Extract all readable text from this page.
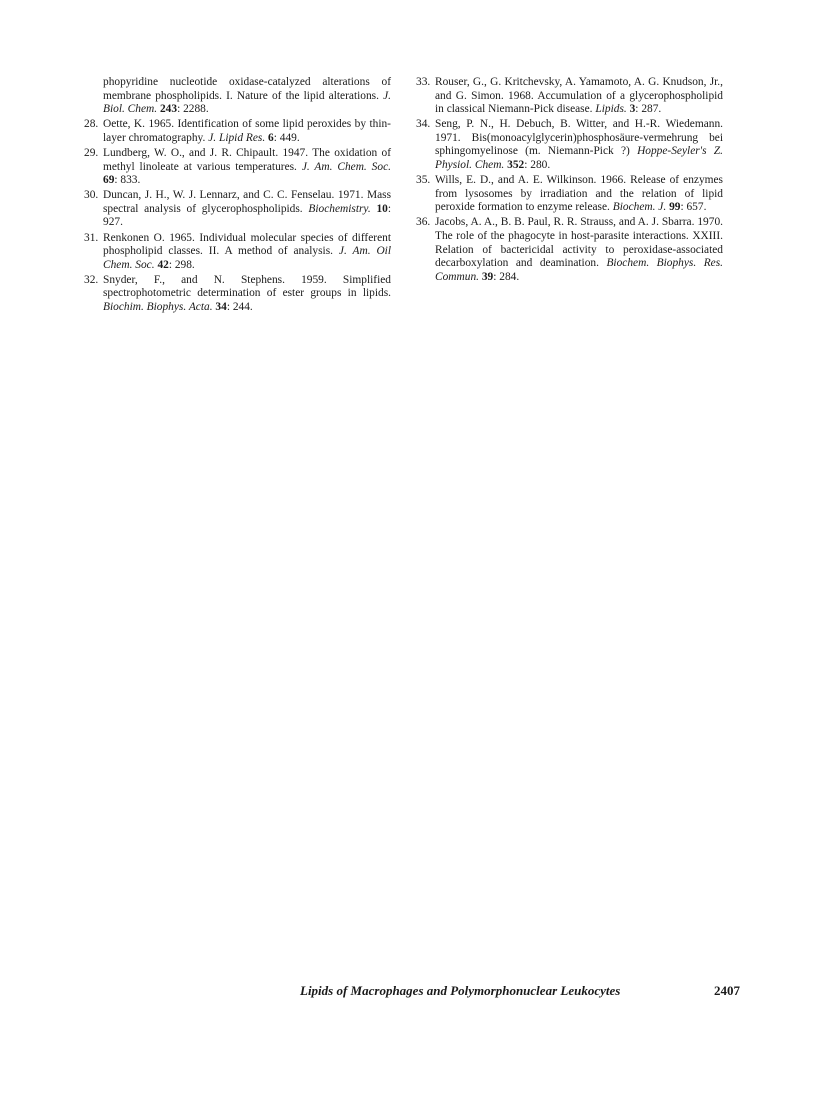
phopyridine nucleotide oxidase-catalyzed alterations of membrane phospholipids. I. Nature of the lipid alterations. J. Biol. Chem. 243: 2288.
28. Oette, K. 1965. Identification of some lipid peroxides by thin-layer chromatography. J. Lipid Res. 6: 449.
29. Lundberg, W. O., and J. R. Chipault. 1947. The oxidation of methyl linoleate at various temperatures. J. Am. Chem. Soc. 69: 833.
30. Duncan, J. H., W. J. Lennarz, and C. C. Fenselau. 1971. Mass spectral analysis of glycerophospholipids. Biochemistry. 10: 927.
31. Renkonen O. 1965. Individual molecular species of different phospholipid classes. II. A method of analysis. J. Am. Oil Chem. Soc. 42: 298.
32. Snyder, F., and N. Stephens. 1959. Simplified spectrophotometric determination of ester groups in lipids. Biochim. Biophys. Acta. 34: 244.
33. Rouser, G., G. Kritchevsky, A. Yamamoto, A. G. Knudson, Jr., and G. Simon. 1968. Accumulation of a glycerophospholipid in classical Niemann-Pick disease. Lipids. 3: 287.
34. Seng, P. N., H. Debuch, B. Witter, and H.-R. Wiedemann. 1971. Bis(monoacylglycerin)phosphosäure-vermehrung bei sphingomyelinose (m. Niemann-Pick ?) Hoppe-Seyler's Z. Physiol. Chem. 352: 280.
35. Wills, E. D., and A. E. Wilkinson. 1966. Release of enzymes from lysosomes by irradiation and the relation of lipid peroxide formation to enzyme release. Biochem. J. 99: 657.
36. Jacobs, A. A., B. B. Paul, R. R. Strauss, and A. J. Sbarra. 1970. The role of the phagocyte in host-parasite interactions. XXIII. Relation of bactericidal activity to peroxidase-associated decarboxylation and deamination. Biochem. Biophys. Res. Commun. 39: 284.
Lipids of Macrophages and Polymorphonuclear Leukocytes	2407
